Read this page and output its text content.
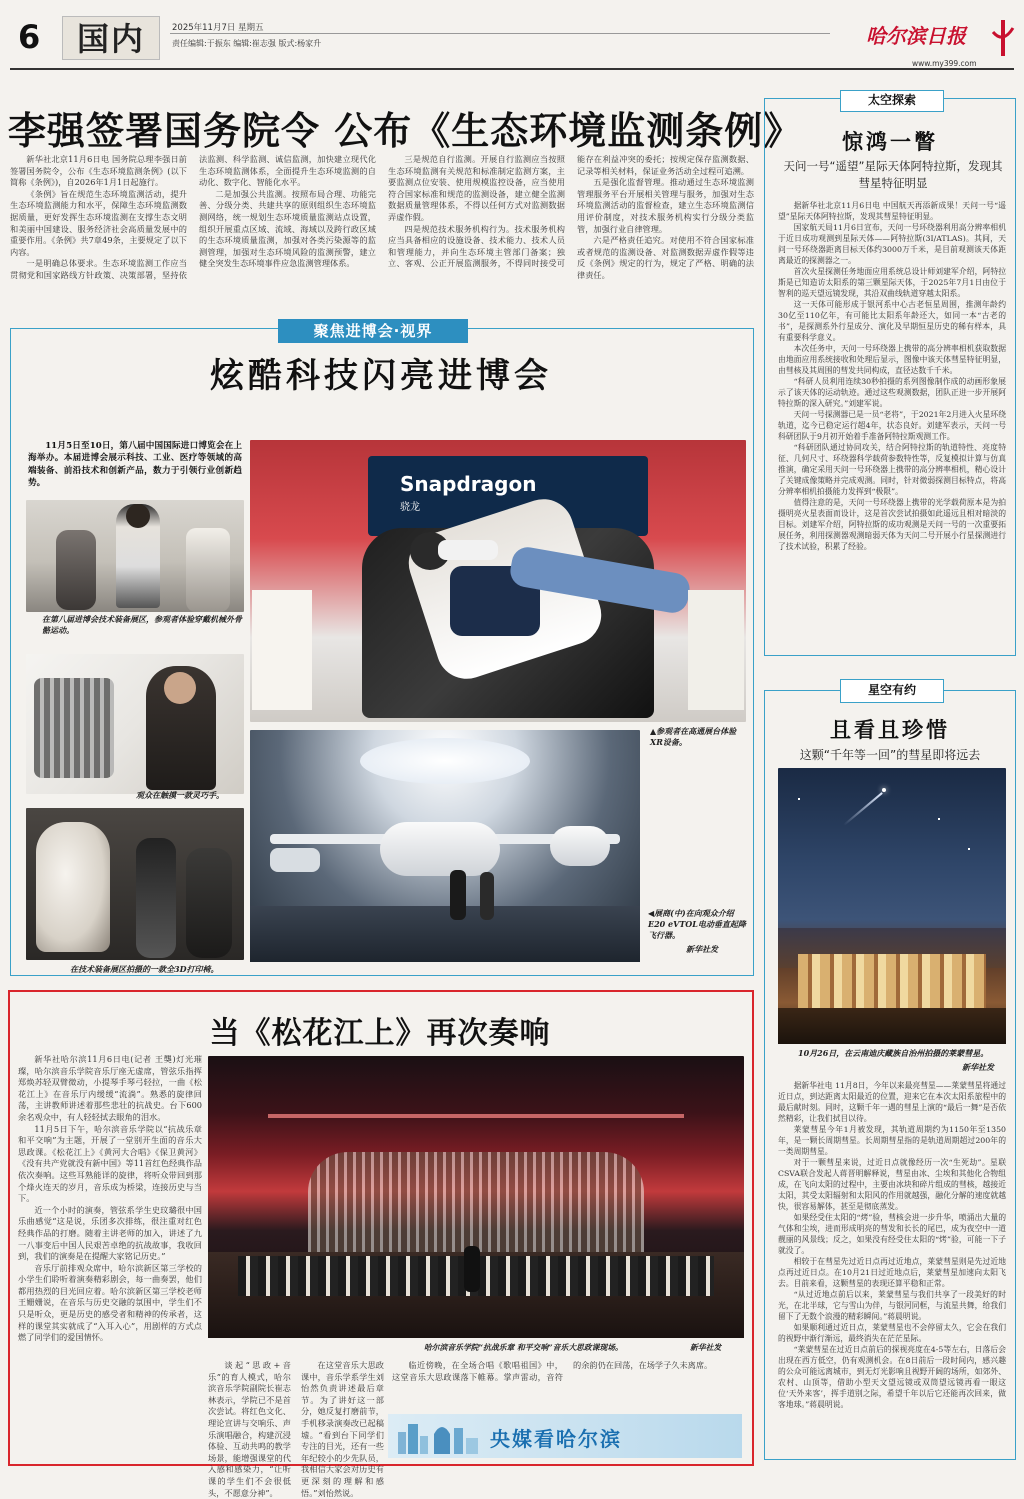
6	国内	2025年11月7日 星期五
责任编辑:于振东 编辑:崔志强 版式:杨家升	哈尔滨日报
www.my399.com
李强签署国务院令 公布《生态环境监测条例》

新华社北京11月6日电 国务院总理李强日前签署国务院令，公布《生态环境监测条例》(以下简称《条例》)，自2026年1月1日起施行。

《条例》旨在规范生态环境监测活动，提升生态环境监测能力和水平，保障生态环境监测数据质量，更好发挥生态环境监测在支撑生态文明和美丽中国建设、服务经济社会高质量发展中的重要作用。《条例》共7章49条，主要规定了以下内容。

一是明确总体要求。生态环境监测工作应当贯彻党和国家路线方针政策、决策部署，坚持依法监测、科学监测、诚信监测，加快建立现代化生态环境监测体系，全面提升生态环境监测的自动化、数字化、智能化水平。

二是加强公共监测。按照布局合理、功能完善、分级分类、共建共享的原则组织生态环境监测网络，统一规划生态环境质量监测站点设置，组织开展重点区域、流域、海域以及跨行政区域的生态环境质量监测，加强对各类污染源等的监测管理，加强对生态环境风险的监测预警，建立健全突发生态环境事件应急监测管理体系。

三是规范自行监测。开展自行监测应当按照生态环境监测有关规范和标准制定监测方案，主要监测点位安装、使用规模监控设备，应当使用符合国家标准和规范的监测设备，建立健全监测数据质量管理体系，不得以任何方式对监测数据弄虚作假。

四是规范技术服务机构行为。技术服务机构应当具备相应的设施设备、技术能力、技术人员和管理能力，并向生态环境主管部门备案；独立、客观、公正开展监测服务，不得同时接受可能存在利益冲突的委托；按规定保存监测数据、记录等相关材料，保证业务活动全过程可追溯。

五是强化监督管理。推动通过生态环境监测管理服务平台开展相关管理与服务，加强对生态环境监测活动的监督检查，建立生态环境监测信用评价制度，对技术服务机构实行分级分类监管，加强行业自律管理。

六是严格责任追究。对使用不符合国家标准或者规范的监测设备、对监测数据弄虚作假等违反《条例》规定的行为，规定了严格、明确的法律责任。

聚焦进博会·视界
炫酷科技闪亮进博会
11月5日至10日，第八届中国国际进口博览会在上海举办。本届进博会展示科技、工业、医疗等领域的高端装备、前沿技术和创新产品，数力于引领行业创新趋势。
在第八届进博会技术装备展区，参观者体验穿戴机械外骨骼运动。
观众在触摸一款灵巧手。
在技术装备展区拍摄的一款全3D打印椅。
Snapdragon
骁龙
▲参观者在高通展台体验XR设备。
◀展商(中)在向观众介绍E20 eVTOL电动垂直起降飞行器。
新华社发
当《松花江上》再次奏响

新华社哈尔滨11月6日电(记者 王龑)灯光璀璨，哈尔滨音乐学院音乐厅座无虚席，管弦乐指挥郑焕苏轻双臂微动，小提琴手琴弓轻拉，一曲《松花江上》在音乐厅内缓缓“流淌”。熟悉的旋律回荡，主讲教师讲述着那些悲壮的抗战史。台下600余名观众中，有人轻轻拭去眼角的泪水。

11月5日下午，哈尔滨音乐学院以“抗战乐章 和平交响”为主题，开展了一堂别开生面的音乐大思政课。《松花江上》《黄河大合唱》《保卫黄河》《没有共产党就没有新中国》等11首红色经典作品依次奏响。这些耳熟能详的旋律，将听众带回到那个烽火连天的岁月，音乐成为桥梁，连接历史与当下。

近一个小时的演奏，管弦系学生史玟璐很中国乐曲感觉“这是说，乐团多次排练，很注重对红色经典作品的打磨。随着主讲老师的加入，讲述了九一八事变后中国人民艰苦卓绝的抗战故事，我收回到，我们的演奏是在提醒大家铭记历史。”

音乐厅前排观众席中，哈尔滨新区第三学校的小学生们聆听着演奏精彩剧会，每一曲奏罢，他们都用热烈的目光回应着。哈尔滨新区第三学校老师王姗姗说，在音乐与历史交融的氛围中，学生们不只是听众，更是历史的感受者和精神的传承者，这样的课堂其实就成了“入耳入心”，用剧样的方式点燃了同学们的爱国情怀。

哈尔滨音乐学院“抗战乐章 和平交响”音乐大思政课现场。	新华社发

谈起“思政+音乐”的育人模式，哈尔滨音乐学院副院长崔志林表示，学院已不是首次尝试。将红色文化、理论宣讲与交响乐、声乐演唱融合，构建沉浸体验、互动共鸣的教学场景，能增强课堂的代入感和感染力，“让听课的学生们不会很低头，不愿意分神”。

在这堂音乐大思政课中，音乐学系学生刘怡然负责讲述最后章节。为了讲好这一部分，她反复打磨前节，手机移录演奏改已起稿墟。“看到台下同学们专注的目光，还有一些年纪较小的少先队员，我相信大家会对历史有更深刻的理解和感悟。”刘怡然说。

临近傍晚，在全场合唱《歌唱祖国》中，这堂音乐大思政课落下帷幕。掌声雷动，音符的余韵仍在回荡，在场学子久未离席。

央媒看哈尔滨
太空探索
惊鸿一瞥
天问一号“遥望”星际天体阿特拉斯，发现其彗星特征明显

据新华社北京11月6日电 中国航天再添新成果！天问一号“遥望”星际天体阿特拉斯，发现其彗星特征明显。

国家航天局11月6日宣布，天问一号环绕器利用高分辨率相机于近日成功观测到星际天体——阿特拉斯(3I/ATLAS)。其间，天问一号环绕器距离目标天体约3000万千米，是目前观测该天体距离最近的探测器之一。

首次火星探测任务地面应用系统总设计师刘建军介绍，阿特拉斯是已知造访太阳系的第三颗星际天体，于2025年7月1日由位于智利的巡天望远镜发现，其沿双曲线轨道穿越太阳系。

这一天体可能形成于银河系中心古老恒星周围，推测年龄约30亿至110亿年，有可能比太阳系年龄还大，如同一本“古老的书”，是探测系外行星成分、演化及早期恒星历史的稀有样本，具有重要科学意义。

本次任务中，天问一号环绕器上携带的高分辨率相机获取数据由地面应用系统接收和处理后显示，图像中该天体彗星特征明显，由彗核及其周围的彗发共同构成，直径达数千千米。

“科研人员利用连续30秒拍摄的系列图像制作成的动画形象展示了该天体的运动轨迹。通过这些观测数据，团队正进一步开展阿特拉斯的深入研究。”刘建军说。

天问一号探测器已是一员“老将”，于2021年2月进入火星环绕轨道，迄今已稳定运行超4年，状态良好。刘建军表示，天问一号科研团队于9月初开始着手准备阿特拉斯观测工作。

“科研团队通过协同攻关，结合阿特拉斯的轨道特性、亮度特征、几何尺寸、环绕器科学载荷参数特性等，反复模拟计算与仿真推演，确定采用天问一号环绕器上携带的高分辨率相机，精心设计了关键成像策略并完成观测。同时，针对微弱探测目标特点，将高分辨率相机拍摄能力发挥到“极限”。

值得注意的是，天问一号环绕器上携带的光学载荷原本是为拍摄明亮火星表面而设计，这是首次尝试拍摄如此遥远且相对暗淡的目标。刘建军介绍，阿特拉斯的成功观测是天问一号的一次重要拓展任务，利用探测器观测暗弱天体为天问二号开展小行星探测进行了技术试验，积累了经验。

星空有约
且看且珍惜
这颗“千年等一回”的彗星即将远去
10月26日，在云南迪庆藏族自治州拍摄的莱蒙彗星。
新华社发

据新华社电 11月8日，今年以来最亮彗星——莱蒙彗星将通过近日点，到达距离太阳最近的位置，迎来它在本次太阳系旅程中的最后献时刻。同时，这颗千年一遇的彗星上演的“最后一舞”是否依然精彩，让我们拭目以待。

莱蒙彗星今年1月被发现，其轨道周期约为1150年至1350年，是一颗长周期彗星。长周期彗星指的是轨道周期超过200年的一类周期彗星。

对于一颗彗星来说，过近日点就像经历一次“生死劫”。星联CSVA联合发起人蒋晋明解释说，彗星由冰、尘埃和其他化合物组成，在飞向太阳的过程中，主要由冰块和碎片组成的彗核，越接近太阳，其受太阳辐射和太阳风的作用就越强，融化分解的速度就越快，很容易解体，甚至是彻底蒸发。

如果经受住太阳的“烤”验，彗核会进一步升华，喷涌出大量的气体和尘埃，进而形成明亮的彗发和长长的尾巴，成为夜空中一道靓丽的风景线；反之，如果没有经受住太阳的“烤”验，可能一下子就没了。

相较于在彗星先过近日点再过近地点，莱蒙彗星则是先过近地点再过近日点。在10月21日过近地点后，莱蒙彗星加速向太阳飞去。目前来看，这颗彗星的表现还算平稳和正常。

“从过近地点前后以来，莱蒙彗星与我们共享了一段美好的时光，在北半球，它与雪山为伴，与银河同框，与流星共舞，给我们留下了无数个浪漫的精彩瞬间。”蒋晨明说。

如果顺利通过近日点，莱蒙彗星也不会停留太久，它会在我们的视野中渐行渐远，最终消失在茫茫星际。

“莱蒙彗星在过近日点前后的探视亮度在4-5等左右，日落后会出现在西方低空，仍有观测机会。在8日前后一段时间内，感兴趣的公众可能远离城市，到无灯光影响且视野开阔的场所，如郊外、农村、山顶等，借助小型天文望远镜或双筒望远镜再看一眼这位‘天外来客’，挥手道别之际，希望千年以后它还能再次回来，做客地球。”蒋晨明说。
